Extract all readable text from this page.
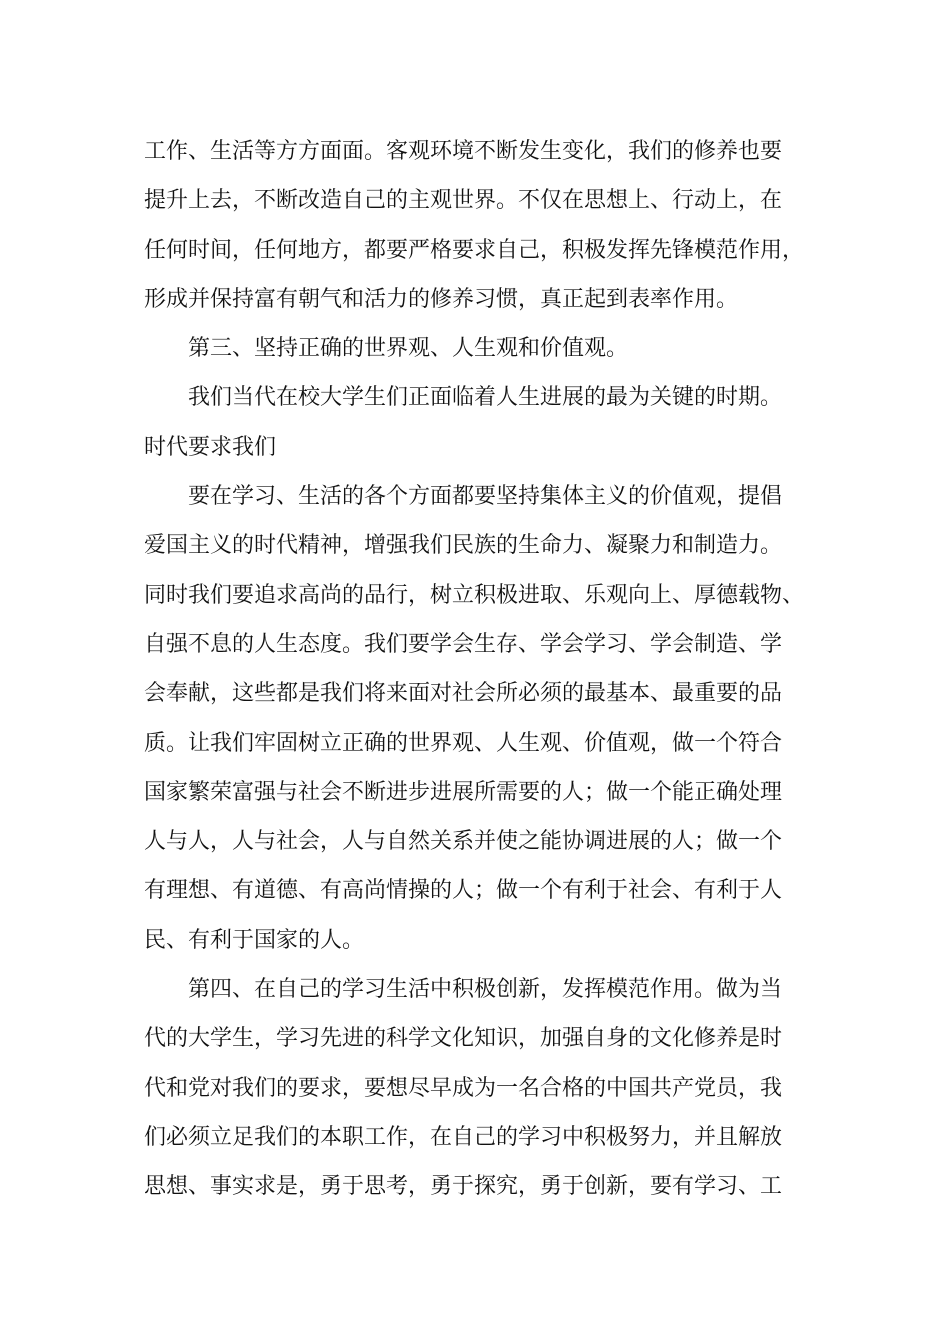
工作、生活等方方面面。客观环境不断发生变化，我们的修养也要
提升上去，不断改造自己的主观世界。不仅在思想上、行动上，在
任何时间，任何地方，都要严格要求自己，积极发挥先锋模范作用，
形成并保持富有朝气和活力的修养习惯，真正起到表率作用。
第三、坚持正确的世界观、人生观和价值观。
我们当代在校大学生们正面临着人生进展的最为关键的时期。
时代要求我们
要在学习、生活的各个方面都要坚持集体主义的价值观，提倡
爱国主义的时代精神，增强我们民族的生命力、凝聚力和制造力。
同时我们要追求高尚的品行，树立积极进取、乐观向上、厚德载物、
自强不息的人生态度。我们要学会生存、学会学习、学会制造、学
会奉献，这些都是我们将来面对社会所必须的最基本、最重要的品
质。让我们牢固树立正确的世界观、人生观、价值观，做一个符合
国家繁荣富强与社会不断进步进展所需要的人；做一个能正确处理
人与人，人与社会，人与自然关系并使之能协调进展的人；做一个
有理想、有道德、有高尚情操的人；做一个有利于社会、有利于人
民、有利于国家的人。
第四、在自己的学习生活中积极创新，发挥模范作用。做为当
代的大学生，学习先进的科学文化知识，加强自身的文化修养是时
代和党对我们的要求，要想尽早成为一名合格的中国共产党员，我
们必须立足我们的本职工作，在自己的学习中积极努力，并且解放
思想、事实求是，勇于思考，勇于探究，勇于创新，要有学习、工
